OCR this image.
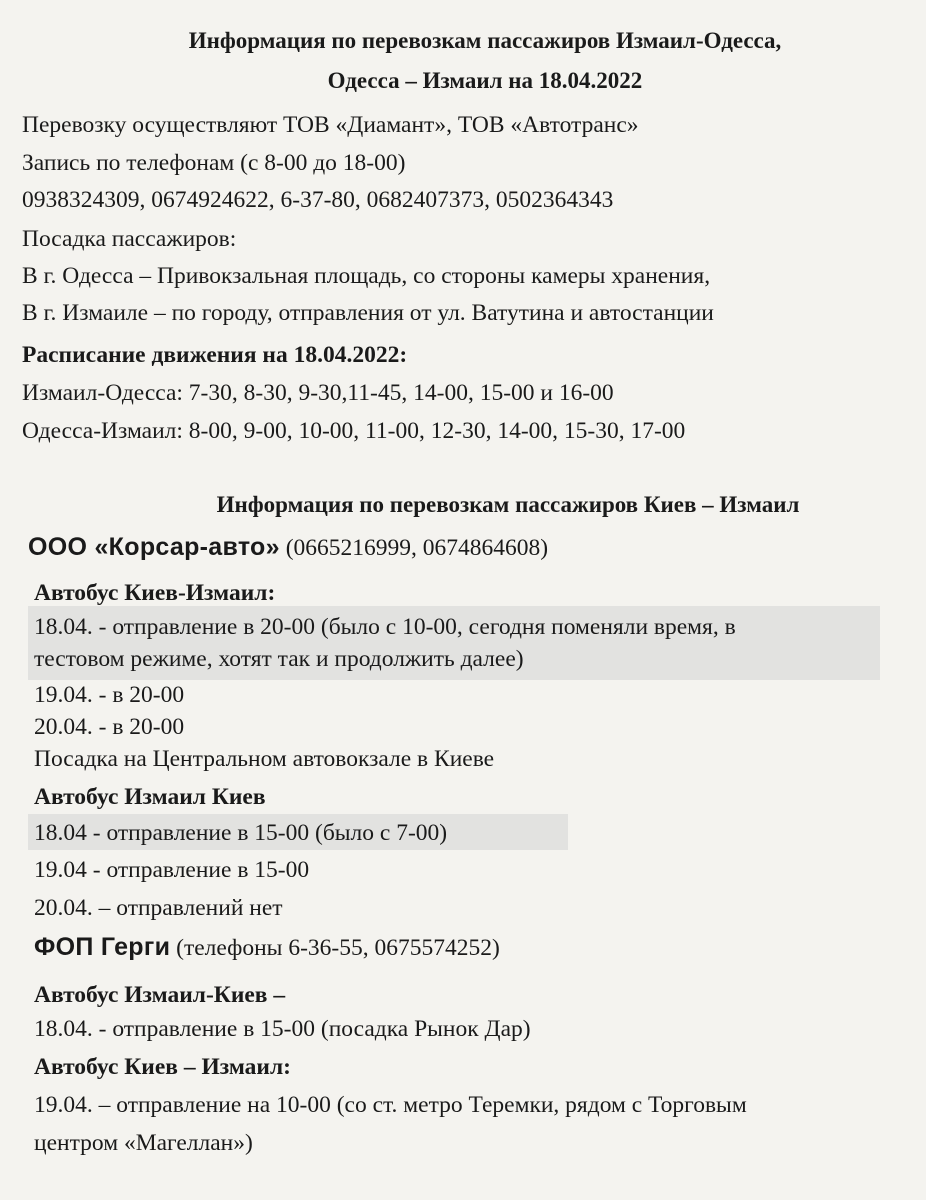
Информация по перевозкам пассажиров Измаил-Одесса,
Одесса – Измаил на 18.04.2022
Перевозку осуществляют ТОВ «Диамант», ТОВ «Автотранс»
Запись по телефонам (с 8-00 до 18-00)
0938324309, 0674924622, 6-37-80, 0682407373, 0502364343
Посадка пассажиров:
В г. Одесса – Привокзальная площадь, со стороны камеры хранения,
В г. Измаиле – по городу, отправления от ул. Ватутина и автостанции
Расписание движения на 18.04.2022:
Измаил-Одесса: 7-30, 8-30, 9-30,11-45, 14-00, 15-00 и 16-00
Одесса-Измаил: 8-00, 9-00, 10-00, 11-00, 12-30, 14-00, 15-30, 17-00
Информация по перевозкам пассажиров Киев – Измаил
ООО «Корсар-авто» (0665216999, 0674864608)
Автобус Киев-Измаил:
18.04. - отправление в 20-00 (было с 10-00, сегодня поменяли время, в
тестовом режиме, хотят так и продолжить далее)
19.04. - в 20-00
20.04. - в 20-00
Посадка на Центральном автовокзале в Киеве
Автобус Измаил Киев
18.04 - отправление в 15-00 (было с 7-00)
19.04 - отправление в 15-00
20.04. – отправлений нет
ФОП Герги (телефоны 6-36-55, 0675574252)
Автобус Измаил-Киев –
18.04. - отправление в 15-00 (посадка Рынок Дар)
Автобус Киев – Измаил:
19.04. – отправление на 10-00 (со ст. метро Теремки, рядом с Торговым
центром «Магеллан»)
